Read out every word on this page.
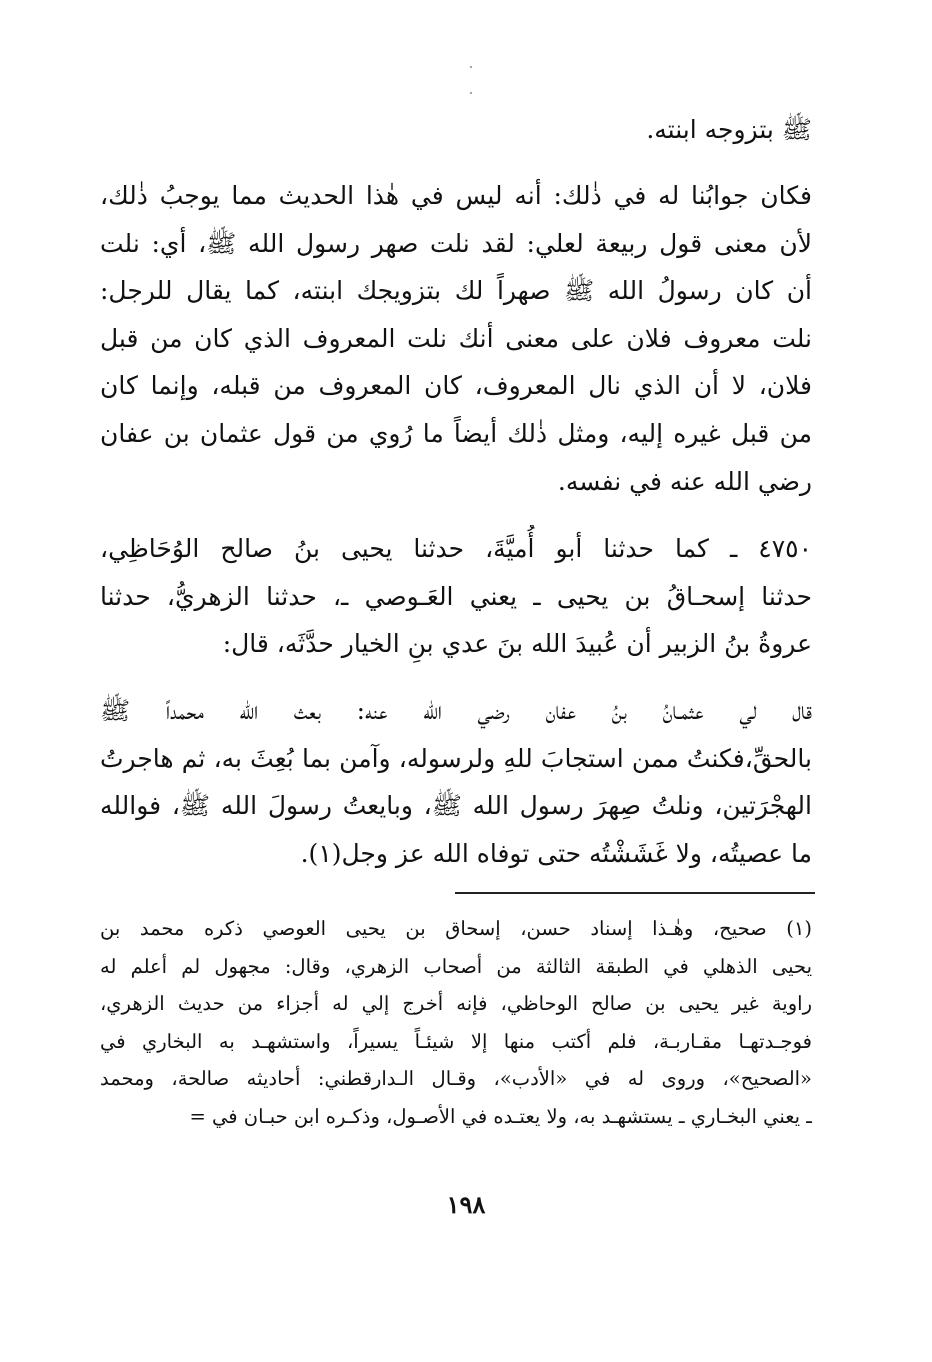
ﷺ بتزوجه ابنته.
فكان جوابُنا له في ذٰلك: أنه ليس في هٰذا الحديث مما يوجبُ ذٰلك،
لأن معنى قول ربيعة لعلي: لقد نلت صهر رسول الله ﷺ، أي: نلت
أن كان رسولُ الله ﷺ صهراً لك بتزويجك ابنته، كما يقال للرجل:
نلت معروف فلان على معنى أنك نلت المعروف الذي كان من قبل
فلان، لا أن الذي نال المعروف، كان المعروف من قبله، وإنما كان
من قبل غيره إليه، ومثل ذٰلك أيضاً ما رُوي من قول عثمان بن عفان
رضي الله عنه في نفسه.
٤٧٥٠ ـ كما حدثنا أبو أُميَّةَ، حدثنا يحيى بنُ صالح الوُحَاظِي،
حدثنا إسحـاقُ بن يحيى ـ يعني العَـوصي ـ، حدثنا الزهريُّ، حدثنا
عروةُ بنُ الزبير أن عُبيدَ الله بنَ عدي بنِ الخيار حدَّثَه، قال:
قال لي عثمـانُ بنُ عفان رضي الله عنه: بعث الله محمداً ﷺ
بالحقِّ،فكنتُ ممن استجابَ للهِ ولرسوله، وآمن بما بُعِثَ به، ثم هاجرتُ
الهجْرَتين، ونلتُ صِهرَ رسول الله ﷺ، وبايعتُ رسولَ الله ﷺ، فوالله
ما عصيتُه، ولا غَشَشْتُه حتى توفاه الله عز وجل(١).
(١) صحيح، وهٰـذا إسناد حسن، إسحاق بن يحيى العوصي ذكره محمد بن
يحيى الذهلي في الطبقة الثالثة من أصحاب الزهري، وقال: مجهول لم أعلم له
راوية غير يحيى بن صالح الوحاظي، فإنه أخرج إلي له أجزاء من حديث الزهري،
فوجـدتهـا مقـاربـة، فلم أكتب منها إلا شيئـاً يسيراً، واستشهـد به البخاري في
«الصحيح»، وروى له في «الأدب»، وقـال الـدارقطني: أحاديثه صالحة، ومحمد
ـ يعني البخـاري ـ يستشهـد به، ولا يعتـده في الأصـول، وذكـره ابن حبـان في =
١٩٨
